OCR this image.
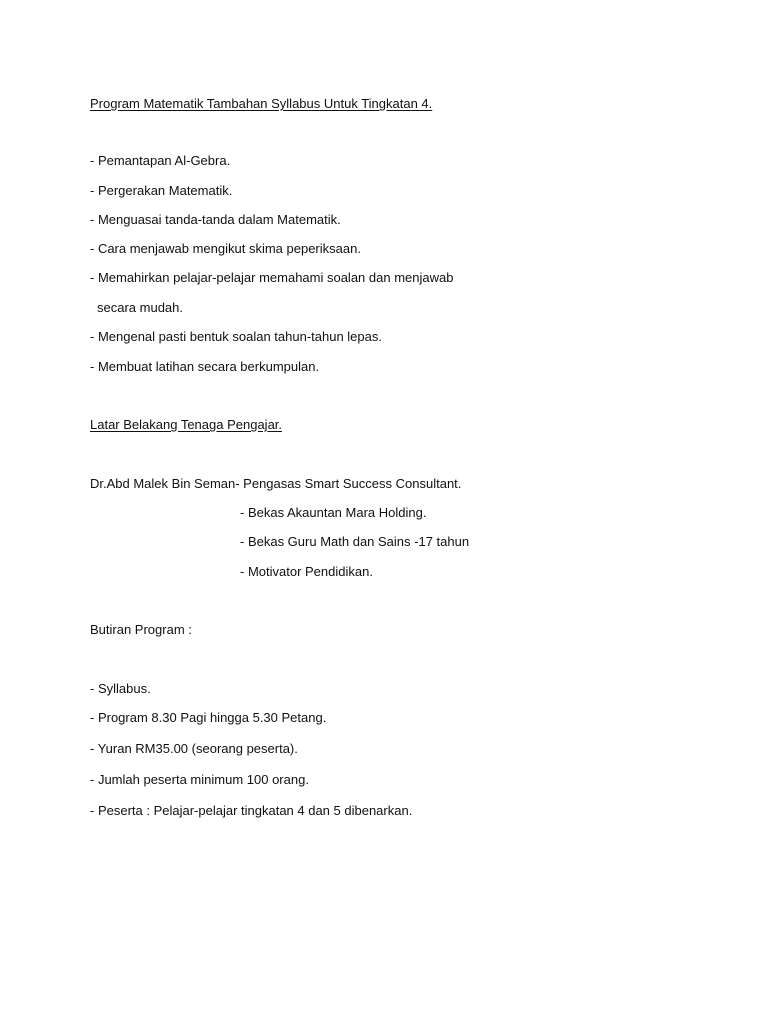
Program Matematik Tambahan Syllabus Untuk Tingkatan 4.
- Pemantapan Al-Gebra.
- Pergerakan Matematik.
- Menguasai tanda-tanda dalam Matematik.
- Cara menjawab mengikut skima peperiksaan.
- Memahirkan pelajar-pelajar memahami soalan dan menjawab
secara mudah.
- Mengenal pasti bentuk soalan tahun-tahun lepas.
- Membuat latihan secara berkumpulan.
Latar Belakang Tenaga Pengajar.
Dr.Abd Malek Bin Seman- Pengasas Smart Success Consultant.
- Bekas Akauntan Mara Holding.
- Bekas Guru Math dan Sains -17 tahun
- Motivator Pendidikan.
Butiran Program :
- Syllabus.
- Program 8.30 Pagi hingga 5.30 Petang.
- Yuran RM35.00 (seorang peserta).
- Jumlah peserta minimum 100 orang.
- Peserta : Pelajar-pelajar tingkatan 4 dan 5 dibenarkan.
